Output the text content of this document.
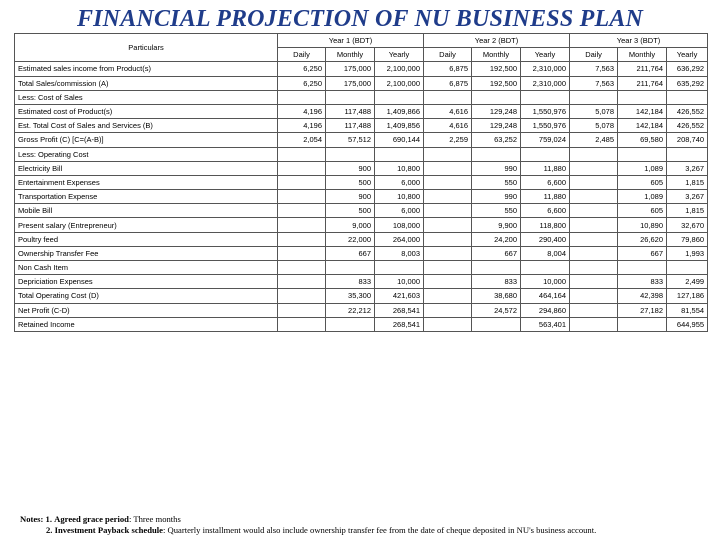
FINANCIAL PROJECTION OF NU BUSINESS PLAN
Particulars	Year 1 (BDT)			Year 2 (BDT)			Year 3 (BDT)		
	Daily	Monthly	Yearly	Daily	Monthly	Yearly	Daily	Monthly	Yearly
Estimated sales income from Product(s)	6,250	175,000	2,100,000	6,875	192,500	2,310,000	7,563	211,764	636,292
Total Sales/commission (A)	6,250	175,000	2,100,000	6,875	192,500	2,310,000	7,563	211,764	635,292
Less: Cost of Sales									
Estimated cost of Product(s)	4,196	117,488	1,409,866	4,616	129,248	1,550,976	5,078	142,184	426,552
Est. Total Cost of Sales and Services (B)	4,196	117,488	1,409,856	4,616	129,248	1,550,976	5,078	142,184	426,552
Gross Profit (C) [C=(A-B)]	2,054	57,512	690,144	2,259	63,252	759,024	2,485	69,580	208,740
Less: Operating Cost									
Electricity Bill		900	10,800		990	11,880		1,089	3,267
Entertainment Expenses		500	6,000		550	6,600		605	1,815
Transportation Expense		900	10,800		990	11,880		1,089	3,267
Mobile Bill		500	6,000		550	6,600		605	1,815
Present salary (Entrepreneur)		9,000	108,000		9,900	118,800		10,890	32,670
Poultry feed		22,000	264,000		24,200	290,400		26,620	79,860
Ownership Transfer Fee		667	8,003		667	8,004		667	1,993
Non Cash Item									
Depriciation Expenses		833	10,000		833	10,000		833	2,499
Total Operating Cost (D)		35,300	421,603		38,680	464,164		42,398	127,186
Net Profit (C-D)		22,212	268,541		24,572	294,860		27,182	81,554
Retained Income			268,541			563,401			644,955
Notes: 1. Agreed grace period: Three months
2. Investment Payback schedule: Quarterly installment would also include ownership transfer fee from the date of cheque deposited in NU's business account.
